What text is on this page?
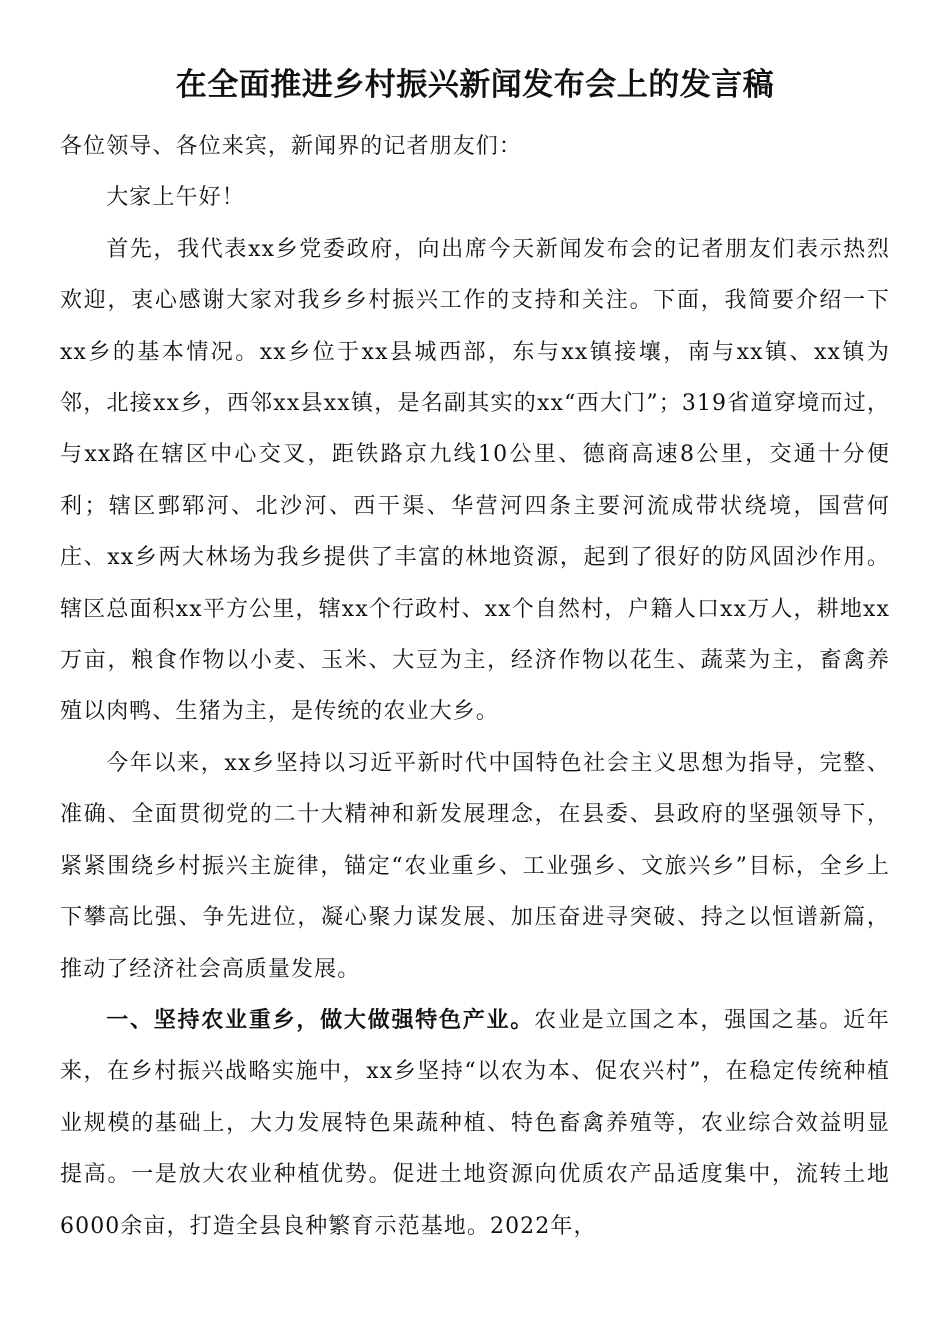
在全面推进乡村振兴新闻发布会上的发言稿

各位领导、各位来宾，新闻界的记者朋友们：

大家上午好！

首先，我代表xx乡党委政府，向出席今天新闻发布会的记者朋友们表示热烈欢迎，衷心感谢大家对我乡乡村振兴工作的支持和关注。下面，我简要介绍一下xx乡的基本情况。xx乡位于xx县城西部，东与xx镇接壤，南与xx镇、xx镇为邻，北接xx乡，西邻xx县xx镇，是名副其实的xx“西大门”；319省道穿境而过，与xx路在辖区中心交叉，距铁路京九线10公里、德商高速8公里，交通十分便利；辖区鄄郓河、北沙河、西干渠、华营河四条主要河流成带状绕境，国营何庄、xx乡两大林场为我乡提供了丰富的林地资源，起到了很好的防风固沙作用。辖区总面积xx平方公里，辖xx个行政村、xx个自然村，户籍人口xx万人，耕地xx万亩，粮食作物以小麦、玉米、大豆为主，经济作物以花生、蔬菜为主，畜禽养殖以肉鸭、生猪为主，是传统的农业大乡。

今年以来，xx乡坚持以习近平新时代中国特色社会主义思想为指导，完整、准确、全面贯彻党的二十大精神和新发展理念，在县委、县政府的坚强领导下，紧紧围绕乡村振兴主旋律，锚定“农业重乡、工业强乡、文旅兴乡”目标，全乡上下攀高比强、争先进位，凝心聚力谋发展、加压奋进寻突破、持之以恒谱新篇，推动了经济社会高质量发展。

一、坚持农业重乡，做大做强特色产业。农业是立国之本，强国之基。近年来，在乡村振兴战略实施中，xx乡坚持“以农为本、促农兴村”，在稳定传统种植业规模的基础上，大力发展特色果蔬种植、特色畜禽养殖等，农业综合效益明显提高。一是放大农业种植优势。促进土地资源向优质农产品适度集中，流转土地6000余亩，打造全县良种繁育示范基地。2022年，
